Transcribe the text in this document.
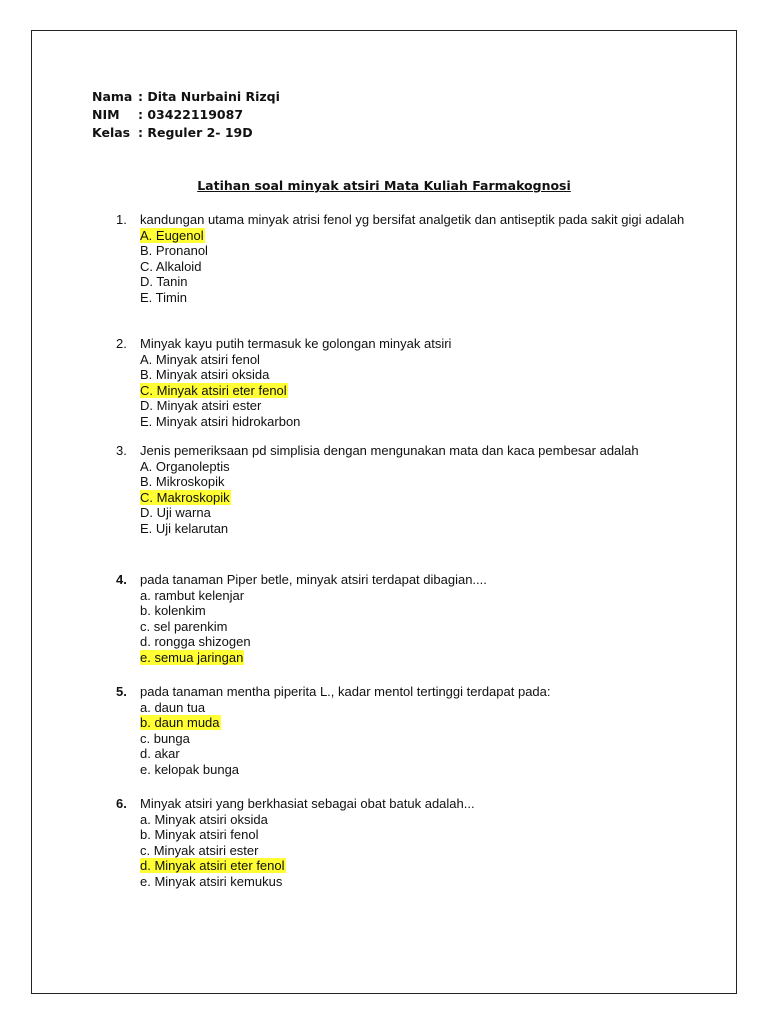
Nama : Dita Nurbaini Rizqi
NIM	: 03422119087
Kelas : Reguler 2- 19D
Latihan soal minyak atsiri Mata Kuliah Farmakognosi
1. kandungan utama minyak atrisi fenol yg bersifat analgetik dan antiseptik pada sakit gigi adalah
A. Eugenol
B. Pronanol
C. Alkaloid
D. Tanin
E. Timin
2. Minyak kayu putih termasuk ke golongan minyak atsiri
A. Minyak atsiri fenol
B. Minyak atsiri oksida
C. Minyak atsiri eter fenol
D. Minyak atsiri ester
E. Minyak atsiri hidrokarbon
3. Jenis pemeriksaan pd simplisia dengan mengunakan mata dan kaca pembesar adalah
A. Organoleptis
B. Mikroskopik
C. Makroskopik
D. Uji warna
E. Uji kelarutan
4. pada tanaman Piper betle, minyak atsiri terdapat dibagian....
a. rambut kelenjar
b. kolenkim
c. sel parenkim
d. rongga shizogen
e. semua jaringan
5. pada tanaman mentha piperita L., kadar mentol tertinggi terdapat pada:
a. daun tua
b. daun muda
c. bunga
d. akar
e. kelopak bunga
6. Minyak atsiri yang berkhasiat sebagai obat batuk adalah...
a. Minyak atsiri oksida
b. Minyak atsiri fenol
c. Minyak atsiri ester
d. Minyak atsiri eter fenol
e. Minyak atsiri kemukus
